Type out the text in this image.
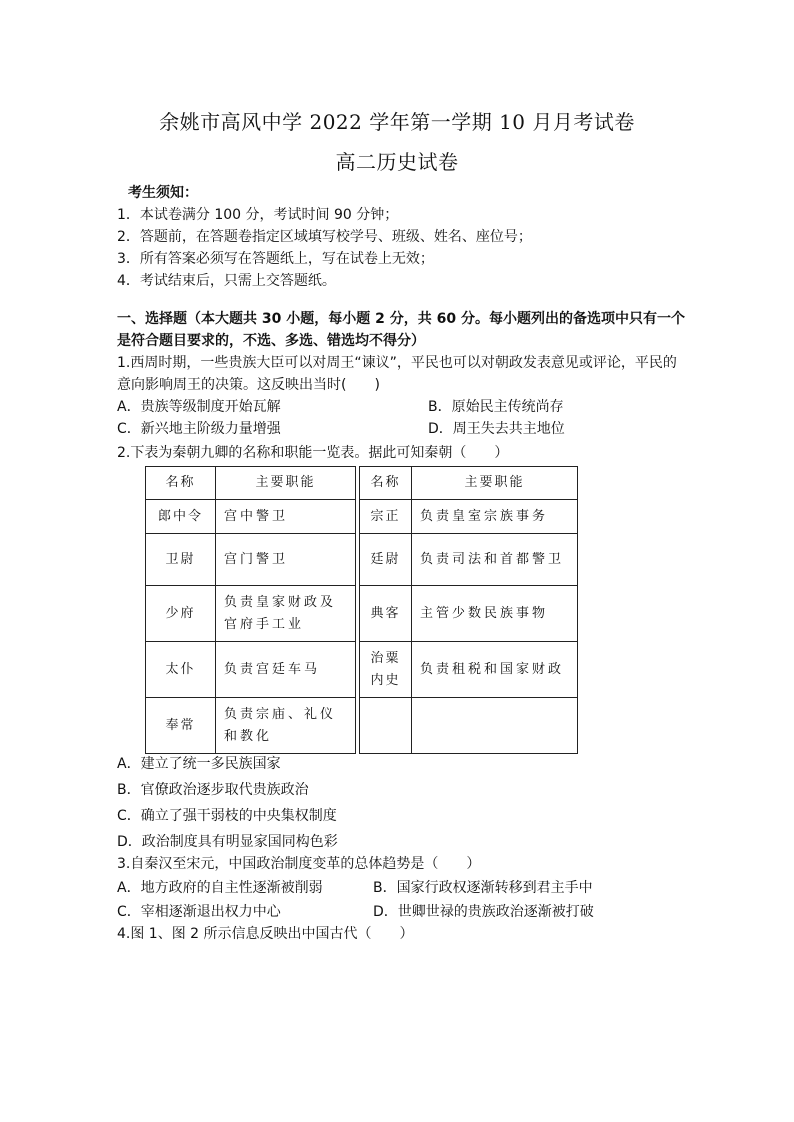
余姚市高风中学 2022 学年第一学期 10 月月考试卷
高二历史试卷
考生须知：
1．本试卷满分 100 分，考试时间 90 分钟；
2．答题前，在答题卷指定区域填写校学号、班级、姓名、座位号；
3．所有答案必须写在答题纸上，写在试卷上无效；
4．考试结束后，只需上交答题纸。
一、选择题（本大题共 30 小题，每小题 2 分，共 60 分。每小题列出的备选项中只有一个
是符合题目要求的，不选、多选、错选均不得分）
1.西周时期，一些贵族大臣可以对周王“谏议”，平民也可以对朝政发表意见或评论，平民的
意向影响周王的决策。这反映出当时(　　)
A．贵族等级制度开始瓦解	B．原始民主传统尚存
C．新兴地主阶级力量增强	D．周王失去共主地位
2.下表为秦朝九卿的名称和职能一览表。据此可知秦朝（　　）
名称	主要职能		名称	主要职能
郎中令	宫中警卫		宗正	负责皇室宗族事务
卫尉	宫门警卫		廷尉	负责司法和首都警卫
少府	负责皇家财政及官府手工业		典客	主管少数民族事物
太仆	负责宫廷车马		治粟内史	负责租税和国家财政
奉常	负责宗庙、礼仪和教化			
A．建立了统一多民族国家
B．官僚政治逐步取代贵族政治
C．确立了强干弱枝的中央集权制度
D．政治制度具有明显家国同构色彩
3.自秦汉至宋元，中国政治制度变革的总体趋势是（　　）
A．地方政府的自主性逐渐被削弱	B．国家行政权逐渐转移到君主手中
C．宰相逐渐退出权力中心	D．世卿世禄的贵族政治逐渐被打破
4.图 1、图 2 所示信息反映出中国古代（　　）
